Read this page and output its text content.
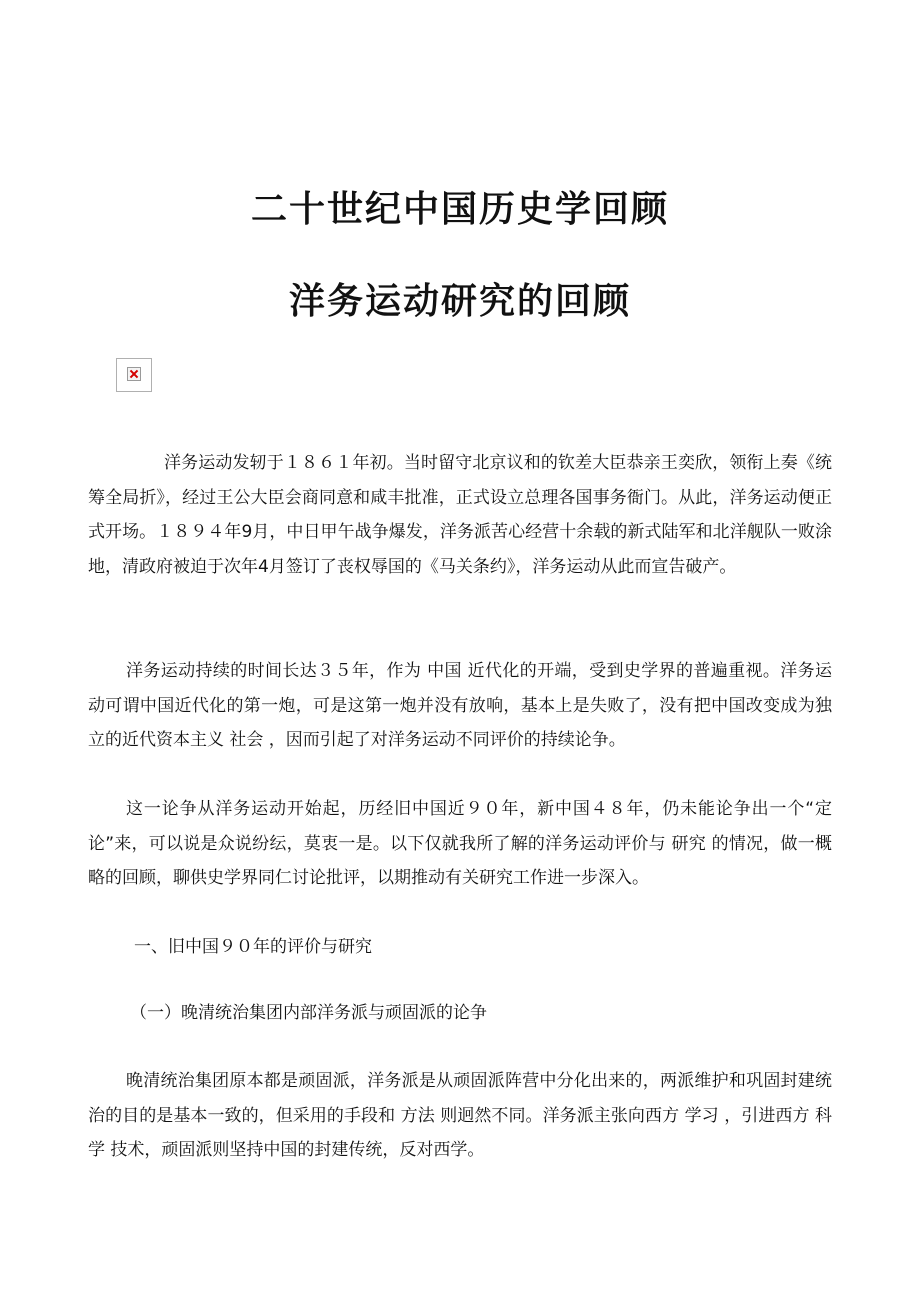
二十世纪中国历史学回顾
洋务运动研究的回顾

洋务运动发轫于１８６１年初。当时留守北京议和的钦差大臣恭亲王奕欣，领衔上奏《统筹全局折》，经过王公大臣会商同意和咸丰批准，正式设立总理各国事务衙门。从此，洋务运动便正式开场。１８９４年9月，中日甲午战争爆发，洋务派苦心经营十余载的新式陆军和北洋舰队一败涂地，清政府被迫于次年4月签订了丧权辱国的《马关条约》，洋务运动从此而宣告破产。

洋务运动持续的时间长达３５年，作为 中国 近代化的开端，受到史学界的普遍重视。洋务运动可谓中国近代化的第一炮，可是这第一炮并没有放响，基本上是失败了，没有把中国改变成为独立的近代资本主义 社会 ，因而引起了对洋务运动不同评价的持续论争。

这一论争从洋务运动开始起，历经旧中国近９０年，新中国４８年，仍未能论争出一个“定论”来，可以说是众说纷纭，莫衷一是。以下仅就我所了解的洋务运动评价与 研究 的情况，做一概略的回顾，聊供史学界同仁讨论批评，以期推动有关研究工作进一步深入。

一、旧中国９０年的评价与研究

（一）晚清统治集团内部洋务派与顽固派的论争

晚清统治集团原本都是顽固派，洋务派是从顽固派阵营中分化出来的，两派维护和巩固封建统治的目的是基本一致的，但采用的手段和 方法 则迥然不同。洋务派主张向西方 学习 ，引进西方 科学 技术，顽固派则坚持中国的封建传统，反对西学。
